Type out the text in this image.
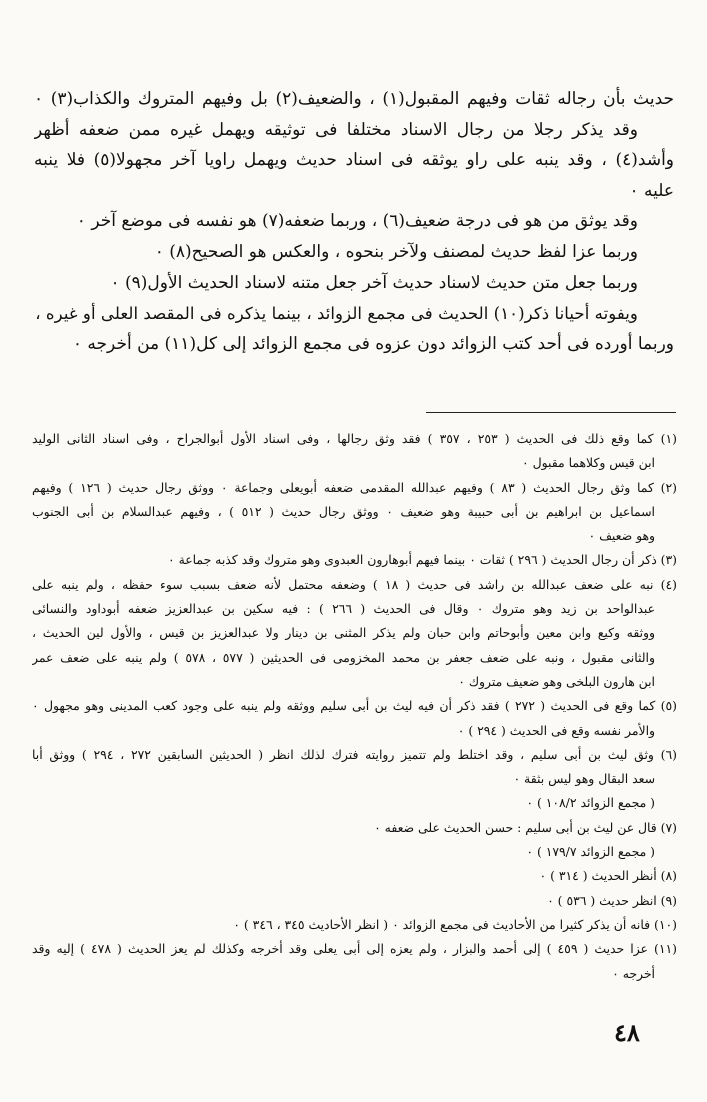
حديث بأن رجاله ثقات وفيهم المقبول(١) ، والضعيف(٢) بل وفيهم المتروك والكذاب(٣) ٠
وقد يذكر رجلا من رجال الاسناد مختلفا فى توثيقه ويهمل غيره ممن ضعفه أظهر
وأشد(٤) ، وقد ينبه على راو يوثقه فى اسناد حديث ويهمل راويا آخر مجهولا(٥) فلا ينبه
عليه ٠
وقد يوثق من هو فى درجة ضعيف(٦) ، وربما ضعفه(٧) هو نفسه فى موضع آخر ٠
وربما عزا لفظ حديث لمصنف ولآخر بنحوه ، والعكس هو الصحيح(٨) ٠
وربما جعل متن حديث لاسناد حديث آخر جعل متنه لاسناد الحديث الأول(٩) ٠
ويفوته أحيانا ذكر(١٠) الحديث فى مجمع الزوائد ، بينما يذكره فى المقصد العلى أو غيره ،
وربما أورده فى أحد كتب الزوائد دون عزوه فى مجمع الزوائد إلى كل(١١) من أخرجه ٠
(١) كما وقع ذلك فى الحديث ( ٢٥٣ ، ٣٥٧ ) فقد وثق رجالها ، وفى اسناد الأول أبوالجراح ، وفى اسناد الثانى الوليد
ابن قيس وكلاهما مقبول ٠
(٢) كما وثق رجال الحديث ( ٨٣ ) وفيهم عبدالله المقدمى ضعفه أبويعلى وجماعة ٠ ووثق رجال حديث ( ١٢٦ ) وفيهم
اسماعيل بن ابراهيم بن أبى حبيبة وهو ضعيف ٠ ووثق رجال حديث ( ٥١٢ ) ، وفيهم عبدالسلام بن أبى الجنوب
وهو ضعيف ٠
(٣) ذكر أن رجال الحديث ( ٢٩٦ ) ثقات ٠ بينما فيهم أبوهارون العبدوى وهو متروك وقد كذبه جماعة ٠
(٤) نبه على ضعف عبدالله بن راشد فى حديث ( ١٨ ) وضعفه محتمل لأنه ضعف بسبب سوء حفظه ، ولم ينبه على
عبدالواحد بن زيد وهو متروك ٠ وقال فى الحديث ( ٢٦٦ ) : فيه سكين بن عبدالعزيز ضعفه أبوداود والنسائى
ووثقه وكيع وابن معين وأبوحاتم وابن حبان ولم يذكر المثنى بن دينار ولا عبدالعزيز بن قيس ، والأول لين الحديث ،
والثانى مقبول ، ونبه على ضعف جعفر بن محمد المخزومى فى الحديثين ( ٥٧٧ ، ٥٧٨ ) ولم ينبه على ضعف عمر
ابن هارون البلخى وهو ضعيف متروك ٠
(٥) كما وقع فى الحديث ( ٢٧٢ ) فقد ذكر أن فيه ليث بن أبى سليم ووثقه ولم ينبه على وجود كعب المدينى وهو مجهول ٠
والأمر نفسه وقع فى الحديث ( ٢٩٤ ) ٠
(٦) وثق ليث بن أبى سليم ، وقد اختلط ولم تتميز روايته فترك لذلك انظر ( الحديثين السابقين ٢٧٢ ، ٢٩٤ ) ووثق أبا
سعد البقال وهو ليس بثقة ٠
( مجمع الزوائد ١٠٨/٢ ) ٠
(٧) قال عن ليث بن أبى سليم : حسن الحديث على ضعفه ٠
( مجمع الزوائد ١٧٩/٧ ) ٠
(٨) أنظر الحديث ( ٣١٤ ) ٠
(٩) انظر حديث ( ٥٣٦ ) ٠
(١٠) فانه أن يذكر كثيرا من الأحاديث فى مجمع الزوائد ٠ ( انظر الأحاديث ٣٤٥ ، ٣٤٦ ) ٠
(١١) عزا حديث ( ٤٥٩ ) إلى أحمد والبزار ، ولم يعزه إلى أبى يعلى وقد أخرجه وكذلك لم يعز الحديث ( ٤٧٨ ) إليه وقد
أخرجه ٠
٤٨
